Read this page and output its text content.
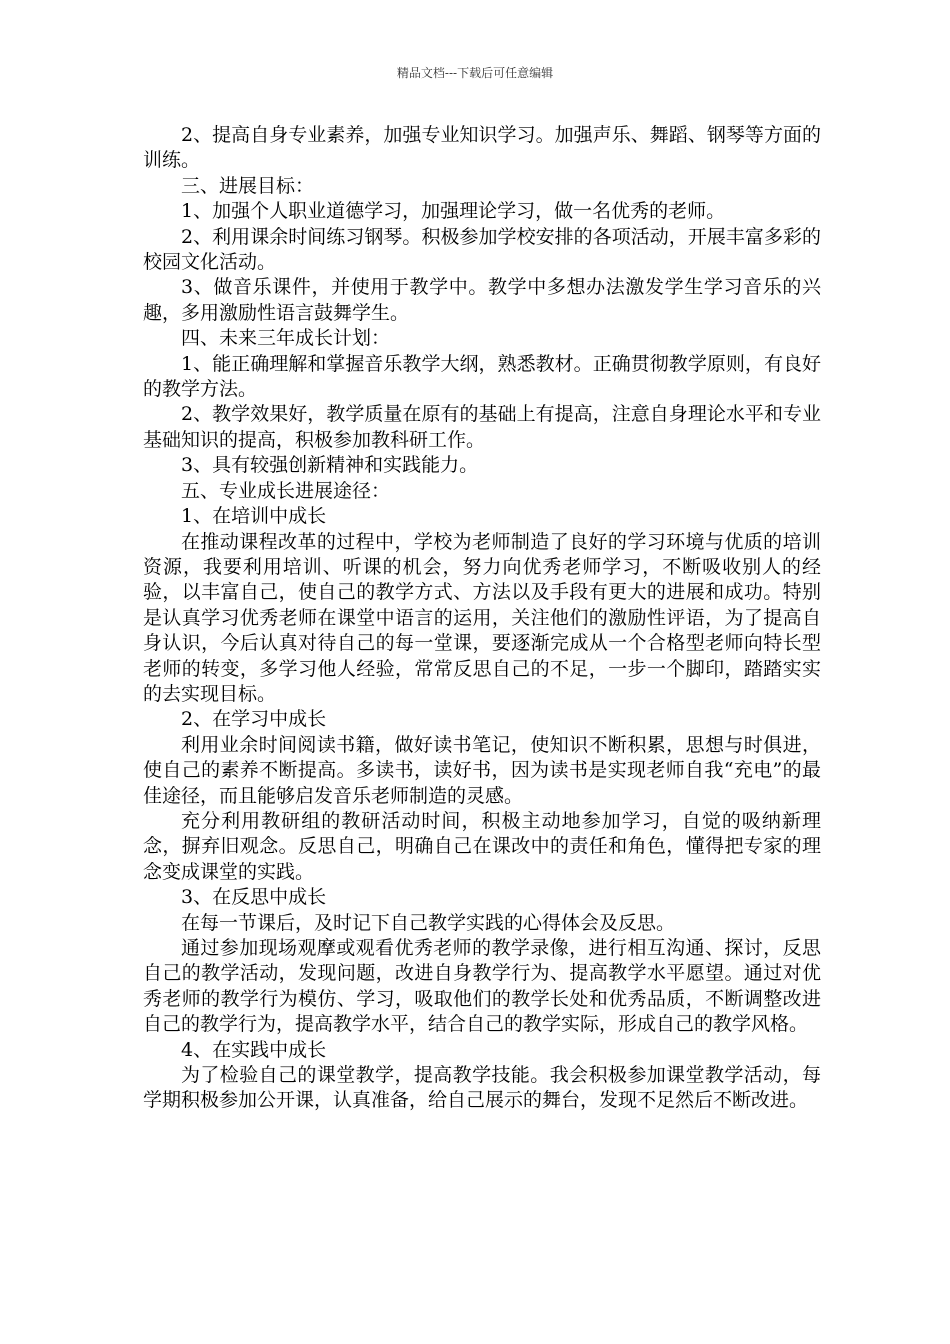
精品文档---下载后可任意编辑

2、提高自身专业素养，加强专业知识学习。加强声乐、舞蹈、钢琴等方面的训练。

三、进展目标：

1、加强个人职业道德学习，加强理论学习，做一名优秀的老师。

2、利用课余时间练习钢琴。积极参加学校安排的各项活动，开展丰富多彩的校园文化活动。

3、做音乐课件，并使用于教学中。教学中多想办法激发学生学习音乐的兴趣，多用激励性语言鼓舞学生。

四、未来三年成长计划：

1、能正确理解和掌握音乐教学大纲，熟悉教材。正确贯彻教学原则，有良好的教学方法。

2、教学效果好，教学质量在原有的基础上有提高，注意自身理论水平和专业基础知识的提高，积极参加教科研工作。

3、具有较强创新精神和实践能力。

五、专业成长进展途径：

1、在培训中成长

在推动课程改革的过程中，学校为老师制造了良好的学习环境与优质的培训资源，我要利用培训、听课的机会，努力向优秀老师学习，不断吸收别人的经验，以丰富自己，使自己的教学方式、方法以及手段有更大的进展和成功。特别是认真学习优秀老师在课堂中语言的运用，关注他们的激励性评语，为了提高自身认识，今后认真对待自己的每一堂课，要逐渐完成从一个合格型老师向特长型老师的转变，多学习他人经验，常常反思自己的不足，一步一个脚印，踏踏实实的去实现目标。

2、在学习中成长

利用业余时间阅读书籍，做好读书笔记，使知识不断积累，思想与时俱进，使自己的素养不断提高。多读书，读好书，因为读书是实现老师自我“充电”的最佳途径，而且能够启发音乐老师制造的灵感。

充分利用教研组的教研活动时间，积极主动地参加学习，自觉的吸纳新理念，摒弃旧观念。反思自己，明确自己在课改中的责任和角色，懂得把专家的理念变成课堂的实践。

3、在反思中成长

在每一节课后，及时记下自己教学实践的心得体会及反思。

通过参加现场观摩或观看优秀老师的教学录像，进行相互沟通、探讨，反思自己的教学活动，发现问题，改进自身教学行为、提高教学水平愿望。通过对优秀老师的教学行为模仿、学习，吸取他们的教学长处和优秀品质，不断调整改进自己的教学行为，提高教学水平，结合自己的教学实际，形成自己的教学风格。

4、在实践中成长

为了检验自己的课堂教学，提高教学技能。我会积极参加课堂教学活动，每学期积极参加公开课，认真准备，给自己展示的舞台，发现不足然后不断改进。
